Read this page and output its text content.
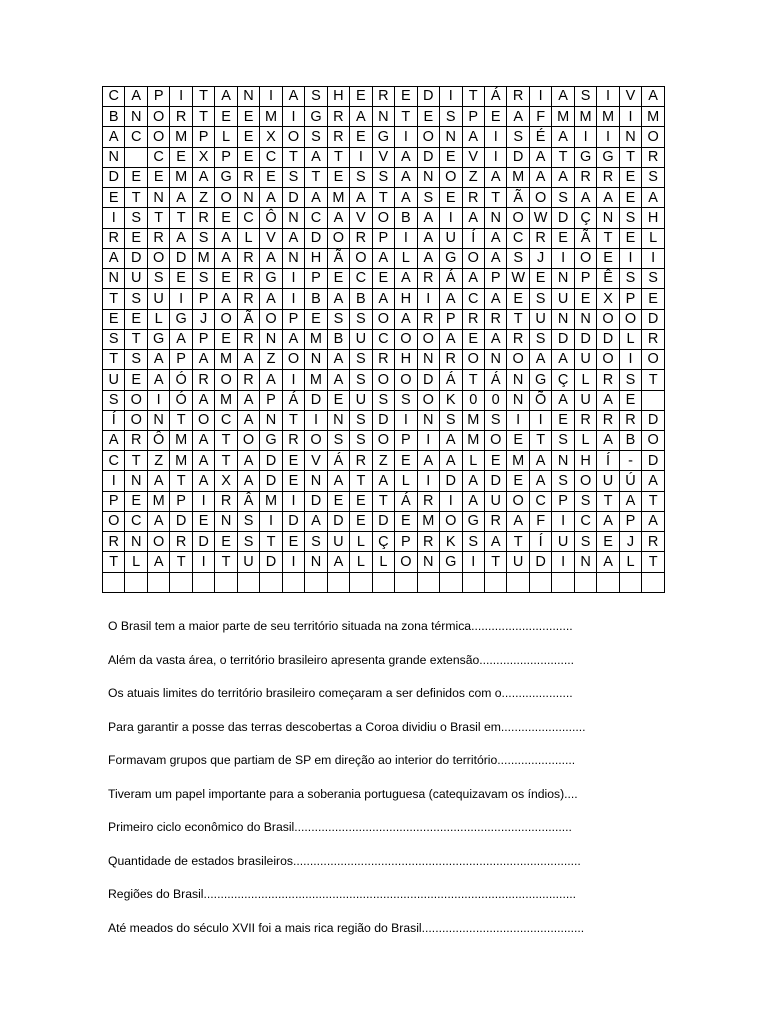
C	A	P	I	T	A	N	I	A	S	H	E	R	E	D	I	T	Á	R	I	A	S	I	V	A
B	N	O	R	T	E	E	M	I	G	R	A	N	T	E	S	P	E	A	F	M	M	M	I	M
A	C	O	M	P	L	E	X	O	S	R	E	G	I	O	N	A	I	S	É	A	I	I	N	O
N		C	E	X	P	E	C	T	A	T	I	V	A	D	E	V	I	D	A	T	G	G	T	R
D	E	E	M	A	G	R	E	S	T	E	S	S	A	N	O	Z	A	M	A	A	R	R	E	S
E	T	N	A	Z	O	N	A	D	A	M	A	T	A	S	E	R	T	Ã	O	S	A	A	E	A
I	S	T	T	R	E	C	Ô	N	C	A	V	O	B	A	I	A	N	O	W	D	Ç	N	S	H
R	E	R	A	S	A	L	V	A	D	O	R	P	I	A	U	Í	A	C	R	E	Ã	T	E	L
A	D	O	D	M	A	R	A	N	H	Ã	O	A	L	A	G	O	A	S	J	I	O	E	I	I
N	U	S	E	S	E	R	G	I	P	E	C	E	A	R	Á	A	P	W	E	N	P	Ê	S	S
T	S	U	I	P	A	R	A	I	B	A	B	A	H	I	A	C	A	E	S	U	E	X	P	E
E	E	L	G	J	O	Ã	O	P	E	S	S	O	A	R	P	R	R	T	U	N	N	O	O	D
S	T	G	A	P	E	R	N	A	M	B	U	C	O	O	A	E	A	R	S	D	D	D	L	R
T	S	A	P	A	M	A	Z	O	N	A	S	R	H	N	R	O	N	O	A	A	U	O	I	O
U	E	A	Ó	R	O	R	A	I	M	A	S	O	O	D	Á	T	Á	N	G	Ç	L	R	S	T
S	O	I	Ó	A	M	A	P	Á	D	E	U	S	S	O	K	0	0	N	Õ	A	U	A	E	
Í	O	N	T	O	C	A	N	T	I	N	S	D	I	N	S	M	S	I	I	E	R	R	R	D
A	R	Ô	M	A	T	O	G	R	O	S	S	O	P	I	A	M	O	E	T	S	L	A	B	O
C	T	Z	M	A	T	A	D	E	V	Á	R	Z	E	A	A	L	E	M	A	N	H	Í	-	D
I	N	A	T	A	X	A	D	E	N	A	T	A	L	I	D	A	D	E	A	S	O	U	Ú	A
P	E	M	P	I	R	Â	M	I	D	E	E	T	Á	R	I	A	U	O	C	P	S	T	A	T
O	C	A	D	E	N	S	I	D	A	D	E	D	E	M	O	G	R	A	F	I	C	A	P	A
R	N	O	R	D	E	S	T	E	S	U	L	Ç	P	R	K	S	A	T	Í	U	S	E	J	R
T	L	A	T	I	T	U	D	I	N	A	L	L	O	N	G	I	T	U	D	I	N	A	L	T

O Brasil tem a maior parte de seu território situada na zona térmica..............................
Além da vasta área, o território brasileiro apresenta grande extensão............................
Os atuais limites do território brasileiro começaram a ser definidos com o.....................
Para garantir a posse das terras descobertas a Coroa dividiu o Brasil em.........................
Formavam grupos que partiam de SP em direção ao interior do território.......................
Tiveram um papel importante para a soberania portuguesa (catequizavam os índios)....
Primeiro ciclo econômico do Brasil..................................................................................
Quantidade de estados brasileiros.....................................................................................
Regiões do Brasil..............................................................................................................
Até meados do século XVII foi a mais rica região do Brasil................................................
